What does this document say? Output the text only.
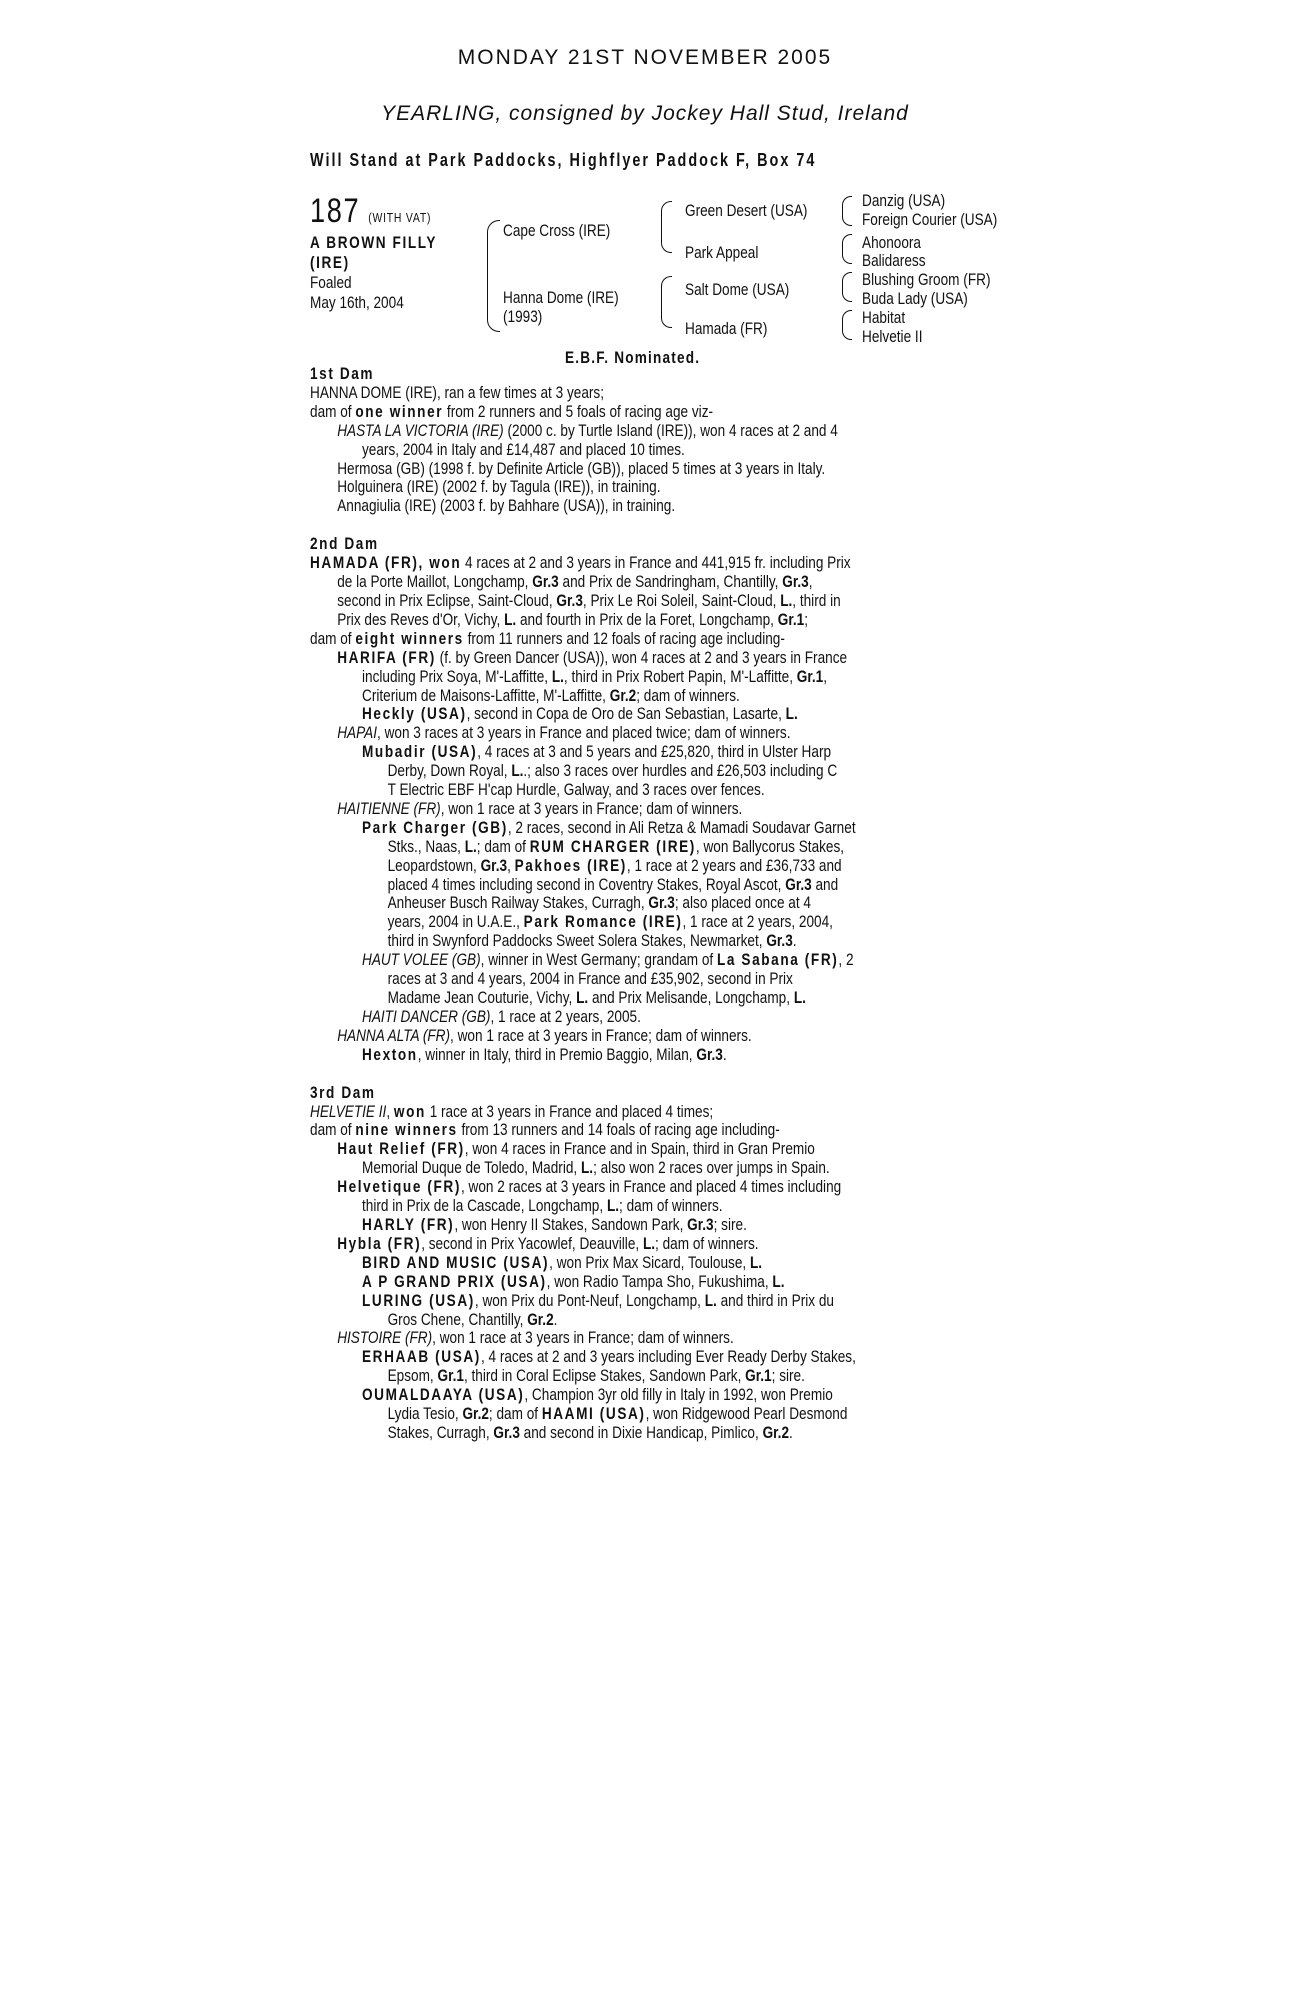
MONDAY 21ST NOVEMBER 2005
YEARLING, consigned by Jockey Hall Stud, Ireland
Will Stand at Park Paddocks, Highflyer Paddock F, Box 74
187 (WITH VAT)
A BROWN FILLY
(IRE)
Foaled
May 16th, 2004
Cape Cross (IRE)
Hanna Dome (IRE)
(1993)
Green Desert (USA)
Park Appeal
Salt Dome (USA)
Hamada (FR)
Danzig (USA)
Foreign Courier (USA)
Ahonoora
Balidaress
Blushing Groom (FR)
Buda Lady (USA)
Habitat
Helvetie II
E.B.F. Nominated.
1st Dam
HANNA DOME (IRE), ran a few times at 3 years;
dam of one winner from 2 runners and 5 foals of racing age viz-
HASTA LA VICTORIA (IRE) (2000 c. by Turtle Island (IRE)), won 4 races at 2 and 4
years, 2004 in Italy and £14,487 and placed 10 times.
Hermosa (GB) (1998 f. by Definite Article (GB)), placed 5 times at 3 years in Italy.
Holguinera (IRE) (2002 f. by Tagula (IRE)), in training.
Annagiulia (IRE) (2003 f. by Bahhare (USA)), in training.
2nd Dam
HAMADA (FR), won 4 races at 2 and 3 years in France and 441,915 fr. including Prix
de la Porte Maillot, Longchamp, Gr.3 and Prix de Sandringham, Chantilly, Gr.3,
second in Prix Eclipse, Saint-Cloud, Gr.3, Prix Le Roi Soleil, Saint-Cloud, L., third in
Prix des Reves d'Or, Vichy, L. and fourth in Prix de la Foret, Longchamp, Gr.1;
dam of eight winners from 11 runners and 12 foals of racing age including-
HARIFA (FR) (f. by Green Dancer (USA)), won 4 races at 2 and 3 years in France
including Prix Soya, M'-Laffitte, L., third in Prix Robert Papin, M'-Laffitte, Gr.1,
Criterium de Maisons-Laffitte, M'-Laffitte, Gr.2; dam of winners.
Heckly (USA), second in Copa de Oro de San Sebastian, Lasarte, L.
HAPAI, won 3 races at 3 years in France and placed twice; dam of winners.
Mubadir (USA), 4 races at 3 and 5 years and £25,820, third in Ulster Harp
Derby, Down Royal, L..; also 3 races over hurdles and £26,503 including C
T Electric EBF H'cap Hurdle, Galway, and 3 races over fences.
HAITIENNE (FR), won 1 race at 3 years in France; dam of winners.
Park Charger (GB), 2 races, second in Ali Retza & Mamadi Soudavar Garnet
Stks., Naas, L.; dam of RUM CHARGER (IRE), won Ballycorus Stakes,
Leopardstown, Gr.3, Pakhoes (IRE), 1 race at 2 years and £36,733 and
placed 4 times including second in Coventry Stakes, Royal Ascot, Gr.3 and
Anheuser Busch Railway Stakes, Curragh, Gr.3; also placed once at 4
years, 2004 in U.A.E., Park Romance (IRE), 1 race at 2 years, 2004,
third in Swynford Paddocks Sweet Solera Stakes, Newmarket, Gr.3.
HAUT VOLEE (GB), winner in West Germany; grandam of La Sabana (FR), 2
races at 3 and 4 years, 2004 in France and £35,902, second in Prix
Madame Jean Couturie, Vichy, L. and Prix Melisande, Longchamp, L.
HAITI DANCER (GB), 1 race at 2 years, 2005.
HANNA ALTA (FR), won 1 race at 3 years in France; dam of winners.
Hexton, winner in Italy, third in Premio Baggio, Milan, Gr.3.
3rd Dam
HELVETIE II, won 1 race at 3 years in France and placed 4 times;
dam of nine winners from 13 runners and 14 foals of racing age including-
Haut Relief (FR), won 4 races in France and in Spain, third in Gran Premio
Memorial Duque de Toledo, Madrid, L.; also won 2 races over jumps in Spain.
Helvetique (FR), won 2 races at 3 years in France and placed 4 times including
third in Prix de la Cascade, Longchamp, L.; dam of winners.
HARLY (FR), won Henry II Stakes, Sandown Park, Gr.3; sire.
Hybla (FR), second in Prix Yacowlef, Deauville, L.; dam of winners.
BIRD AND MUSIC (USA), won Prix Max Sicard, Toulouse, L.
A P GRAND PRIX (USA), won Radio Tampa Sho, Fukushima, L.
LURING (USA), won Prix du Pont-Neuf, Longchamp, L. and third in Prix du
Gros Chene, Chantilly, Gr.2.
HISTOIRE (FR), won 1 race at 3 years in France; dam of winners.
ERHAAB (USA), 4 races at 2 and 3 years including Ever Ready Derby Stakes,
Epsom, Gr.1, third in Coral Eclipse Stakes, Sandown Park, Gr.1; sire.
OUMALDAAYA (USA), Champion 3yr old filly in Italy in 1992, won Premio
Lydia Tesio, Gr.2; dam of HAAMI (USA), won Ridgewood Pearl Desmond
Stakes, Curragh, Gr.3 and second in Dixie Handicap, Pimlico, Gr.2.
